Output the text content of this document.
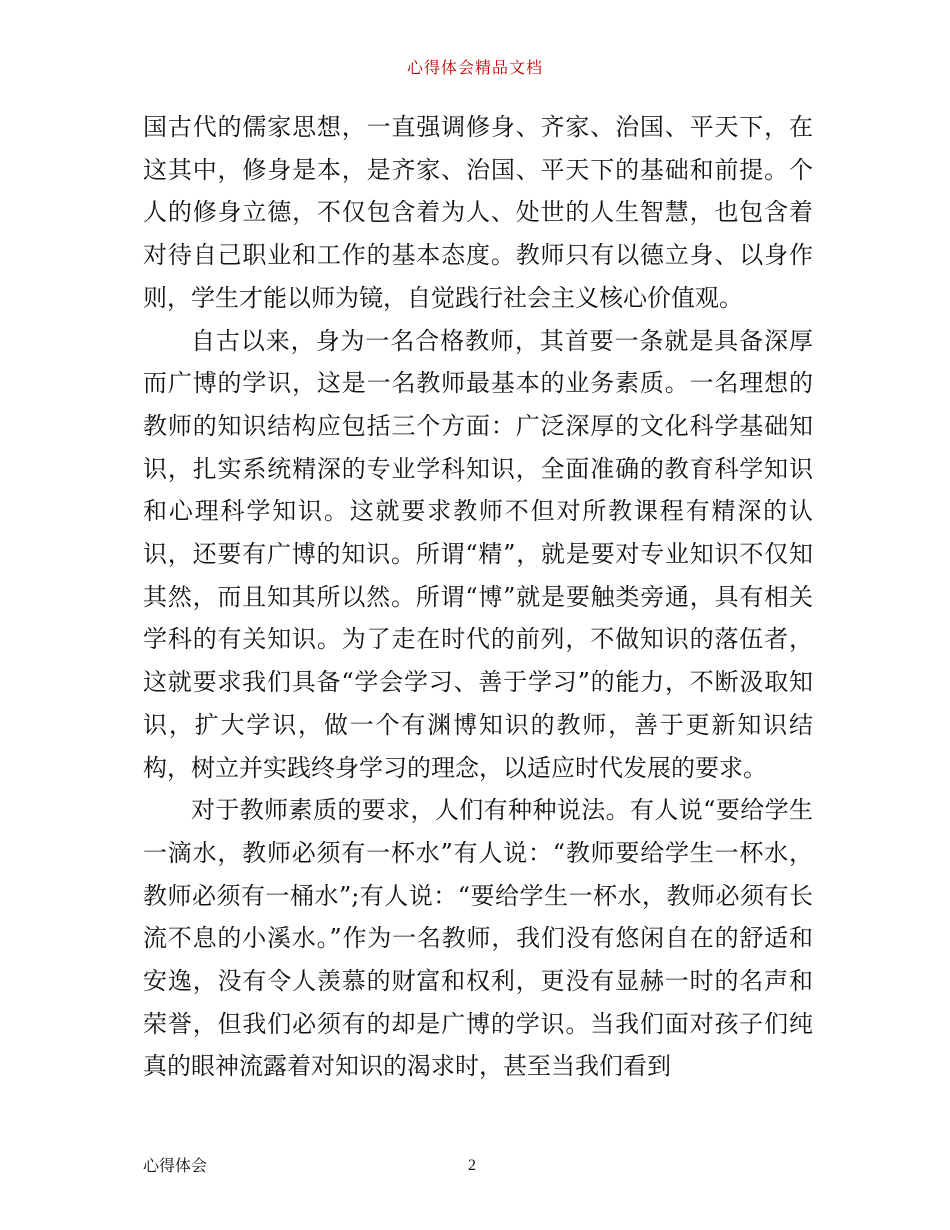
心得体会精品文档

国古代的儒家思想，一直强调修身、齐家、治国、平天下，在这其中，修身是本，是齐家、治国、平天下的基础和前提。个人的修身立德，不仅包含着为人、处世的人生智慧，也包含着对待自己职业和工作的基本态度。教师只有以德立身、以身作则，学生才能以师为镜，自觉践行社会主义核心价值观。

自古以来，身为一名合格教师，其首要一条就是具备深厚而广博的学识，这是一名教师最基本的业务素质。一名理想的教师的知识结构应包括三个方面：广泛深厚的文化科学基础知识，扎实系统精深的专业学科知识，全面准确的教育科学知识和心理科学知识。这就要求教师不但对所教课程有精深的认识，还要有广博的知识。所谓“精”，就是要对专业知识不仅知其然，而且知其所以然。所谓“博”就是要触类旁通，具有相关学科的有关知识。为了走在时代的前列，不做知识的落伍者，这就要求我们具备“学会学习、善于学习”的能力，不断汲取知识，扩大学识，做一个有渊博知识的教师，善于更新知识结构，树立并实践终身学习的理念，以适应时代发展的要求。

对于教师素质的要求，人们有种种说法。有人说“要给学生一滴水，教师必须有一杯水”有人说：“教师要给学生一杯水，教师必须有一桶水”;有人说：“要给学生一杯水，教师必须有长流不息的小溪水。”作为一名教师，我们没有悠闲自在的舒适和安逸，没有令人羡慕的财富和权利，更没有显赫一时的名声和荣誉，但我们必须有的却是广博的学识。当我们面对孩子们纯真的眼神流露着对知识的渴求时，甚至当我们看到

心得体会	2
